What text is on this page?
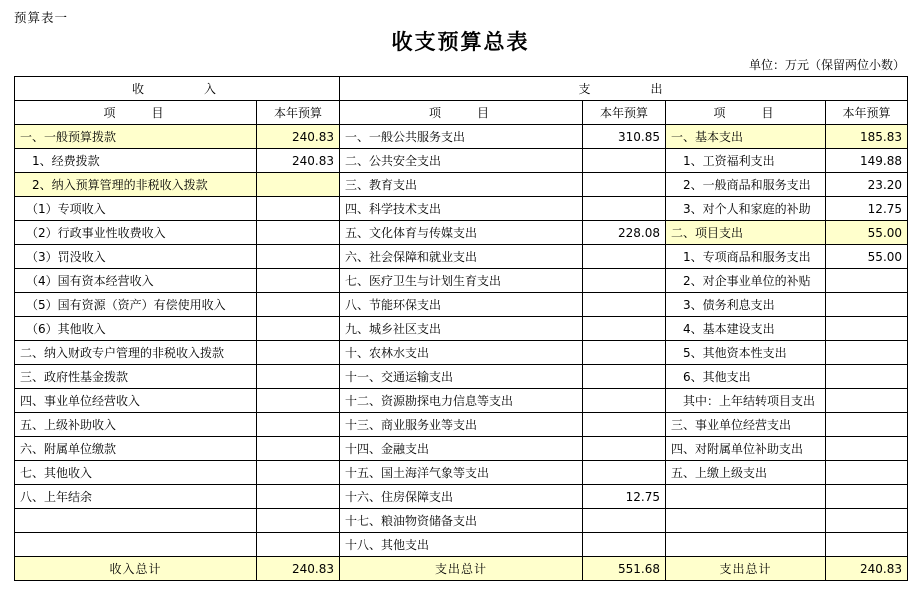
预算表一
收支预算总表
单位：万元（保留两位小数）
收　　　入		支　　　出			
项　　目	本年预算	项　　目	本年预算	项　　目	本年预算
一、一般预算拨款	240.83	一、一般公共服务支出	310.85	一、基本支出	185.83
　1、经费拨款	240.83	二、公共安全支出		　1、工资福利支出	149.88
　2、纳入预算管理的非税收入拨款		三、教育支出		　2、一般商品和服务支出	23.20
　（1）专项收入		四、科学技术支出		　3、对个人和家庭的补助	12.75
　（2）行政事业性收费收入		五、文化体育与传媒支出	228.08	二、项目支出	55.00
　（3）罚没收入		六、社会保障和就业支出		　1、专项商品和服务支出	55.00
　（4）国有资本经营收入		七、医疗卫生与计划生育支出		　2、对企事业单位的补贴	
　（5）国有资源（资产）有偿使用收入		八、节能环保支出		　3、债务利息支出	
　（6）其他收入		九、城乡社区支出		　4、基本建设支出	
二、纳入财政专户管理的非税收入拨款		十、农林水支出		　5、其他资本性支出	
三、政府性基金拨款		十一、交通运输支出		　6、其他支出	
四、事业单位经营收入		十二、资源勘探电力信息等支出		　其中：上年结转项目支出	
五、上级补助收入		十三、商业服务业等支出		三、事业单位经营支出	
六、附属单位缴款		十四、金融支出		四、对附属单位补助支出	
七、其他收入		十五、国土海洋气象等支出		五、上缴上级支出	
八、上年结余		十六、住房保障支出	12.75		
		十七、粮油物资储备支出			
		十八、其他支出			
收入总计	240.83	支出总计	551.68	支出总计	240.83
